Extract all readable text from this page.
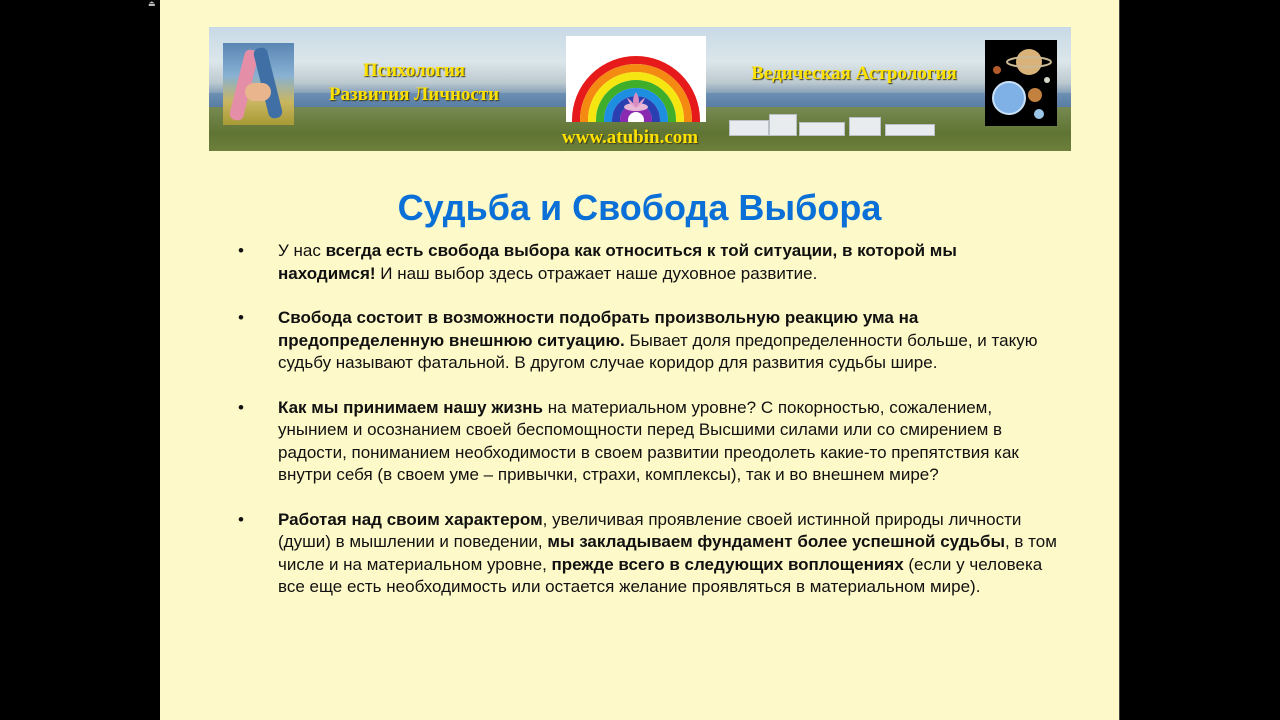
⏏
Психология
Развития Личности
Ведическая Астрология
www.atubin.com
Судьба и Свобода Выбора
•	У нас всегда есть свобода выбора как относиться к той ситуации, в которой мы находимся! И наш выбор здесь отражает наше духовное развитие.
•	Свобода состоит в возможности подобрать произвольную реакцию ума на предопределенную внешнюю ситуацию. Бывает доля предопределенности больше, и такую судьбу называют фатальной. В другом случае коридор для развития судьбы шире.
•	Как мы принимаем нашу жизнь на материальном уровне? С покорностью, сожалением, унынием и осознанием своей беспомощности перед Высшими силами или со смирением в радости, пониманием необходимости в своем развитии преодолеть какие-то препятствия как внутри себя (в своем уме – привычки, страхи, комплексы), так и во внешнем мире?
•	Работая над своим характером, увеличивая проявление своей истинной природы личности (души) в мышлении и поведении, мы закладываем фундамент более успешной судьбы, в том числе и на материальном уровне, прежде всего в следующих воплощениях (если у человека все еще есть необходимость или остается желание проявляться в материальном мире).
